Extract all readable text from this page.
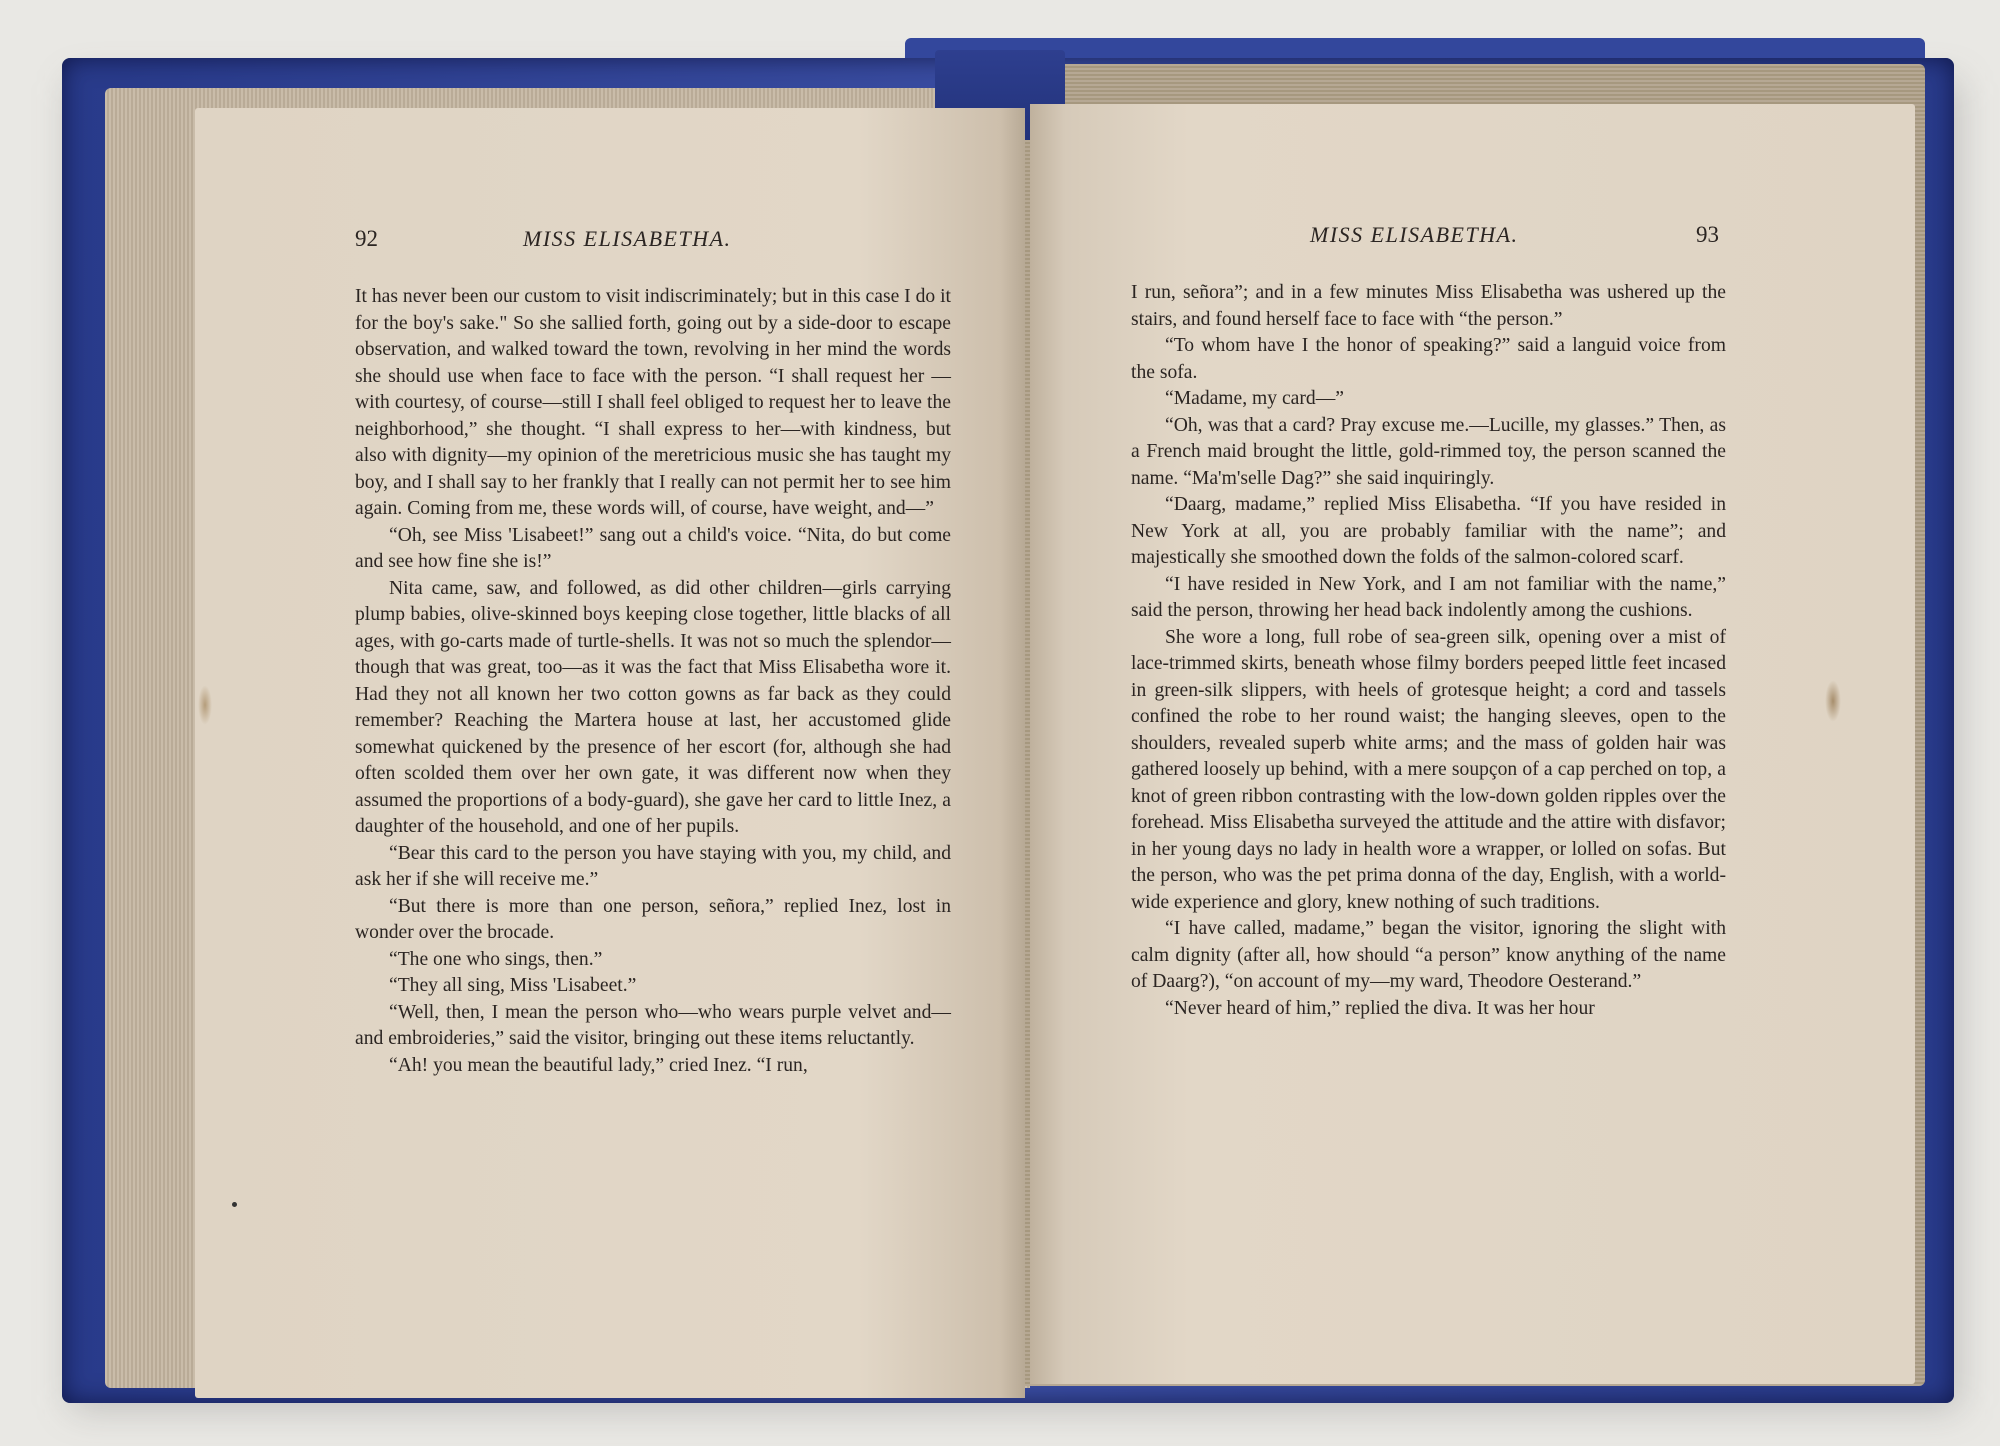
92	MISS ELISABETHA.

It has never been our custom to visit indiscriminately; but in this case I do it for the boy's sake." So she sallied forth, going out by a side-door to escape observation, and walked toward the town, revolving in her mind the words she should use when face to face with the person. “I shall request her —with courtesy, of course—still I shall feel obliged to request her to leave the neighborhood,” she thought. “I shall express to her—with kindness, but also with dignity—my opinion of the meretricious music she has taught my boy, and I shall say to her frankly that I really can not permit her to see him again. Coming from me, these words will, of course, have weight, and—”

“Oh, see Miss 'Lisabeet!” sang out a child's voice. “Nita, do but come and see how fine she is!”

Nita came, saw, and followed, as did other children—girls carrying plump babies, olive-skinned boys keeping close together, little blacks of all ages, with go-carts made of turtle-shells. It was not so much the splendor—though that was great, too—as it was the fact that Miss Elisabetha wore it. Had they not all known her two cotton gowns as far back as they could remember? Reaching the Martera house at last, her accustomed glide somewhat quickened by the presence of her escort (for, although she had often scolded them over her own gate, it was different now when they assumed the proportions of a body-guard), she gave her card to little Inez, a daughter of the household, and one of her pupils.

“Bear this card to the person you have staying with you, my child, and ask her if she will receive me.”

“But there is more than one person, señora,” replied Inez, lost in wonder over the brocade.

“The one who sings, then.”

“They all sing, Miss 'Lisabeet.”

“Well, then, I mean the person who—who wears purple velvet and—and embroideries,” said the visitor, bringing out these items reluctantly.

“Ah! you mean the beautiful lady,” cried Inez. “I run,

MISS ELISABETHA.	93

I run, señora”; and in a few minutes Miss Elisabetha was ushered up the stairs, and found herself face to face with “the person.”

“To whom have I the honor of speaking?” said a languid voice from the sofa.

“Madame, my card—”

“Oh, was that a card? Pray excuse me.—Lucille, my glasses.” Then, as a French maid brought the little, gold-rimmed toy, the person scanned the name. “Ma'm'selle Dag?” she said inquiringly.

“Daarg, madame,” replied Miss Elisabetha. “If you have resided in New York at all, you are probably familiar with the name”; and majestically she smoothed down the folds of the salmon-colored scarf.

“I have resided in New York, and I am not familiar with the name,” said the person, throwing her head back indolently among the cushions.

She wore a long, full robe of sea-green silk, opening over a mist of lace-trimmed skirts, beneath whose filmy borders peeped little feet incased in green-silk slippers, with heels of grotesque height; a cord and tassels confined the robe to her round waist; the hanging sleeves, open to the shoulders, revealed superb white arms; and the mass of golden hair was gathered loosely up behind, with a mere soupçon of a cap perched on top, a knot of green ribbon contrasting with the low-down golden ripples over the forehead. Miss Elisabetha surveyed the attitude and the attire with disfavor; in her young days no lady in health wore a wrapper, or lolled on sofas. But the person, who was the pet prima donna of the day, English, with a world-wide experience and glory, knew nothing of such traditions.

“I have called, madame,” began the visitor, ignoring the slight with calm dignity (after all, how should “a person” know anything of the name of Daarg?), “on account of my—my ward, Theodore Oesterand.”

“Never heard of him,” replied the diva. It was her hour
